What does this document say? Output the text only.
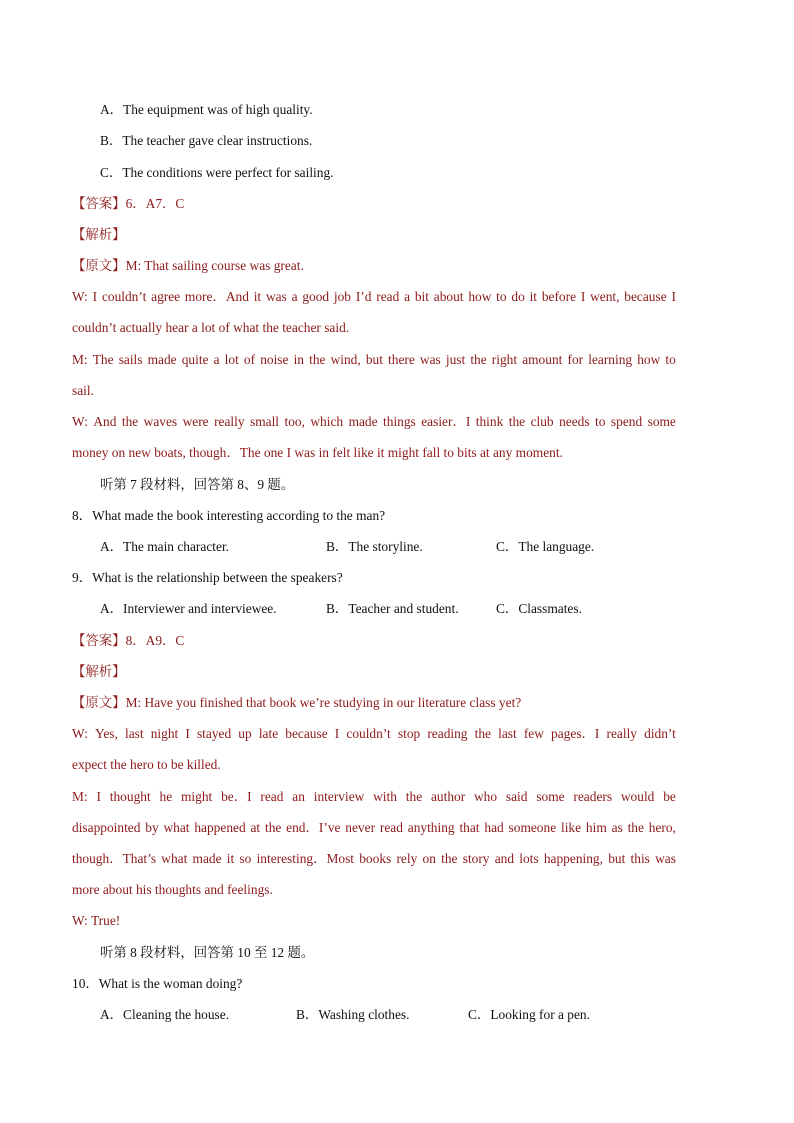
A．The equipment was of high quality.
B．The teacher gave clear instructions.
C．The conditions were perfect for sailing.
【答案】6．A7．C
【解析】
【原文】M: That sailing course was great.
W: I couldn’t agree more．And it was a good job I’d read a bit about how to do it before I went, because I
couldn’t actually hear a lot of what the teacher said.
M: The sails made quite a lot of noise in the wind, but there was just the right amount for learning how to
sail.
W: And the waves were really small too, which made things easier．I think the club needs to spend some
money on new boats, though．The one I was in felt like it might fall to bits at any moment.
听第 7 段材料，回答第 8、9 题。
8．What made the book interesting according to the man?
A．The main character.	B．The storyline.	C．The language.
9．What is the relationship between the speakers?
A．Interviewer and interviewee.	B．Teacher and student.	C．Classmates.
【答案】8．A9．C
【解析】
【原文】M: Have you finished that book we’re studying in our literature class yet?
W: Yes, last night I stayed up late because I couldn’t stop reading the last few pages．I really didn’t
expect the hero to be killed.
M: I thought he might be．I read an interview with the author who said some readers would be
disappointed by what happened at the end．I’ve never read anything that had someone like him as the hero,
though．That’s what made it so interesting．Most books rely on the story and lots happening, but this was
more about his thoughts and feelings.
W: True!
听第 8 段材料，回答第 10 至 12 题。
10．What is the woman doing?
A．Cleaning the house.	B．Washing clothes.	C．Looking for a pen.
